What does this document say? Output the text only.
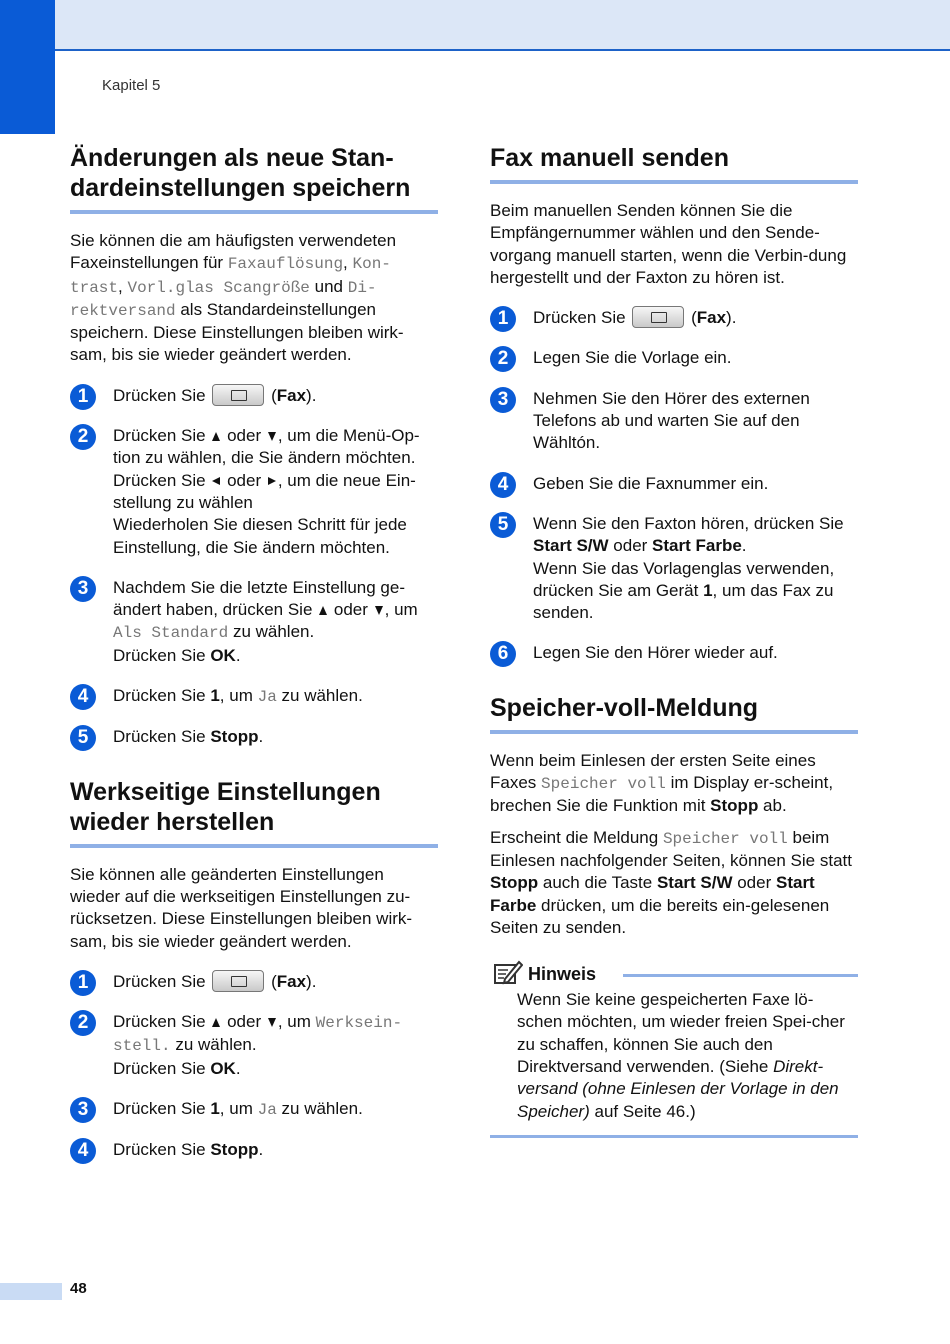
Kapitel 5
Änderungen als neue Stan-
dardeinstellungen speichern

Sie können die am häufigsten verwendeten Faxeinstellungen für Faxauflösung, Kon-trast, Vorl.glas Scangröße und Di-rektversand als Standardeinstellungen speichern. Diese Einstellungen bleiben wirk-sam, bis sie wieder geändert werden.

1	Drücken Sie	(Fax).
2	Drücken Sie oder , um die Menü-Op-tion zu wählen, die Sie ändern möchten.
Drücken Sie oder , um die neue Ein-stellung zu wählen
Wiederholen Sie diesen Schritt für jede Einstellung, die Sie ändern möchten.
3	Nachdem Sie die letzte Einstellung ge-ändert haben, drücken Sie oder , um Als Standard zu wählen.
Drücken Sie OK.
4	Drücken Sie 1, um Ja zu wählen.
5	Drücken Sie Stopp.
Werkseitige Einstellungen
wieder herstellen

Sie können alle geänderten Einstellungen wieder auf die werkseitigen Einstellungen zu-rücksetzen. Diese Einstellungen bleiben wirk-sam, bis sie wieder geändert werden.

1	Drücken Sie	(Fax).
2	Drücken Sie oder , um Werksein-stell. zu wählen.
Drücken Sie OK.
3	Drücken Sie 1, um Ja zu wählen.
4	Drücken Sie Stopp.
Fax manuell senden

Beim manuellen Senden können Sie die Empfängernummer wählen und den Sende-vorgang manuell starten, wenn die Verbin-dung hergestellt und der Faxton zu hören ist.

1	Drücken Sie	(Fax).
2	Legen Sie die Vorlage ein.
3	Nehmen Sie den Hörer des externen Telefons ab und warten Sie auf den Wähltón.
4	Geben Sie die Faxnummer ein.
5	Wenn Sie den Faxton hören, drücken Sie Start S/W oder Start Farbe.
Wenn Sie das Vorlagenglas verwenden, drücken Sie am Gerät 1, um das Fax zu senden.
6	Legen Sie den Hörer wieder auf.
Speicher-voll-Meldung

Wenn beim Einlesen der ersten Seite eines Faxes Speicher voll im Display er-scheint, brechen Sie die Funktion mit Stopp ab.

Erscheint die Meldung Speicher voll beim Einlesen nachfolgender Seiten, können Sie statt Stopp auch die Taste Start S/W oder Start Farbe drücken, um die bereits ein-gelesenen Seiten zu senden.

Hinweis
Wenn Sie keine gespeicherten Faxe lö-schen möchten, um wieder freien Spei-cher zu schaffen, können Sie auch den Direktversand verwenden. (Siehe Direkt-versand (ohne Einlesen der Vorlage in den Speicher) auf Seite 46.)
48
